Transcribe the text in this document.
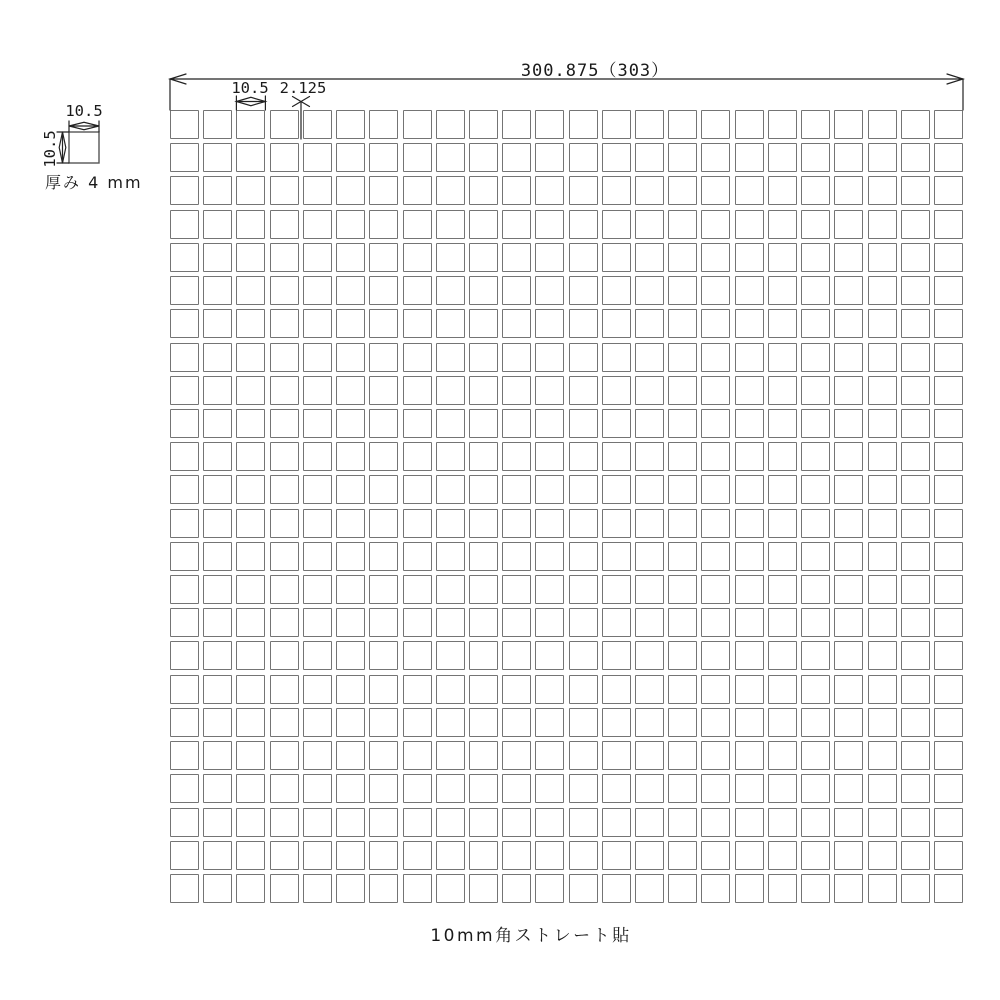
300.875（303）
10.5 2.125
10.5
10.5
厚み 4 mm
10mm角ストレート貼
